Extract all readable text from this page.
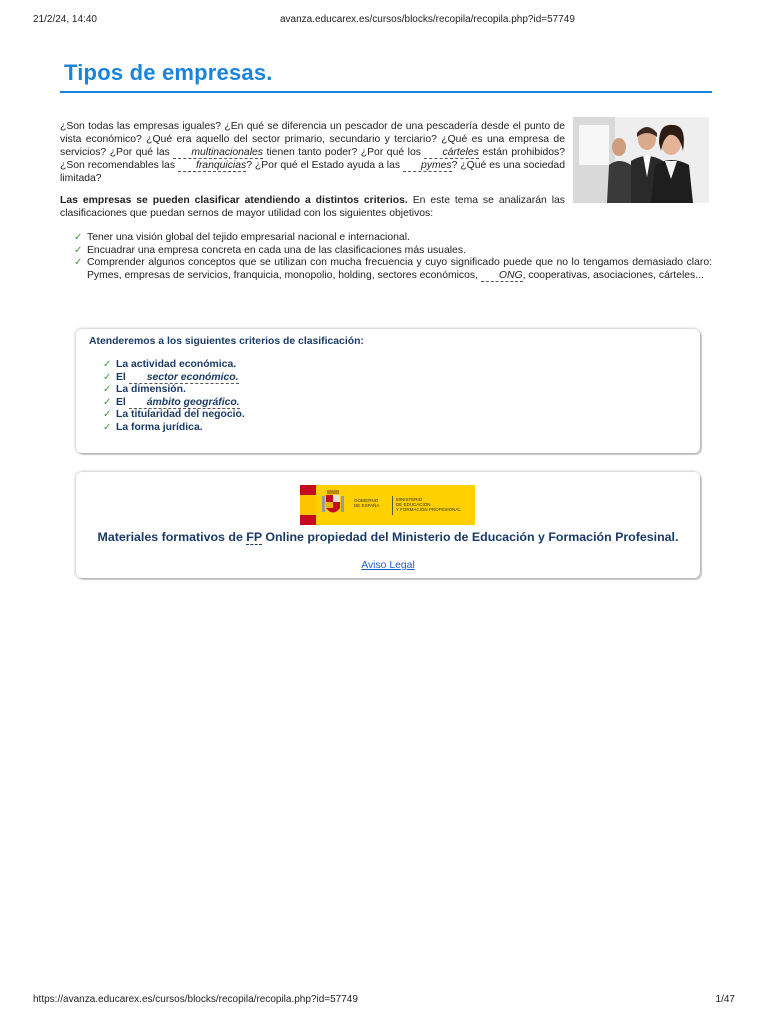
21/2/24, 14:40	avanza.educarex.es/cursos/blocks/recopila/recopila.php?id=57749
Tipos de empresas.

¿Son todas las empresas iguales? ¿En qué se diferencia un pescador de una pescadería desde el punto de vista económico? ¿Qué era aquello del sector primario, secundario y terciario? ¿Qué es una empresa de servicios? ¿Por qué las multinacionales tienen tanto poder? ¿Por qué los cárteles están prohibidos? ¿Son recomendables las franquicias? ¿Por qué el Estado ayuda a las pymes? ¿Qué es una sociedad limitada?

Las empresas se pueden clasificar atendiendo a distintos criterios. En este tema se analizarán las clasificaciones que puedan sernos de mayor utilidad con los siguientes objetivos:

✓ Tener una visión global del tejido empresarial nacional e internacional.
✓ Encuadrar una empresa concreta en cada una de las clasificaciones más usuales.
✓ Comprender algunos conceptos que se utilizan con mucha frecuencia y cuyo significado puede que no lo tengamos demasiado claro: Pymes, empresas de servicios, franquicia, monopolio, holding, sectores económicos, ONG, cooperativas, asociaciones, cárteles...

Atenderemos a los siguientes criterios de clasificación:

✓ La actividad económica.
✓ El sector económico.
✓ La dimensión.
✓ El ámbito geográfico.
✓ La titularidad del negocio.
✓ La forma jurídica.
GOBIERNO
DE ESPAÑA
MINISTERIO
DE EDUCACIÓN
Y FORMACIÓN PROFESIONAL

Materiales formativos de FP Online propiedad del Ministerio de Educación y Formación Profesinal.

Aviso Legal
https://avanza.educarex.es/cursos/blocks/recopila/recopila.php?id=57749	1/47
